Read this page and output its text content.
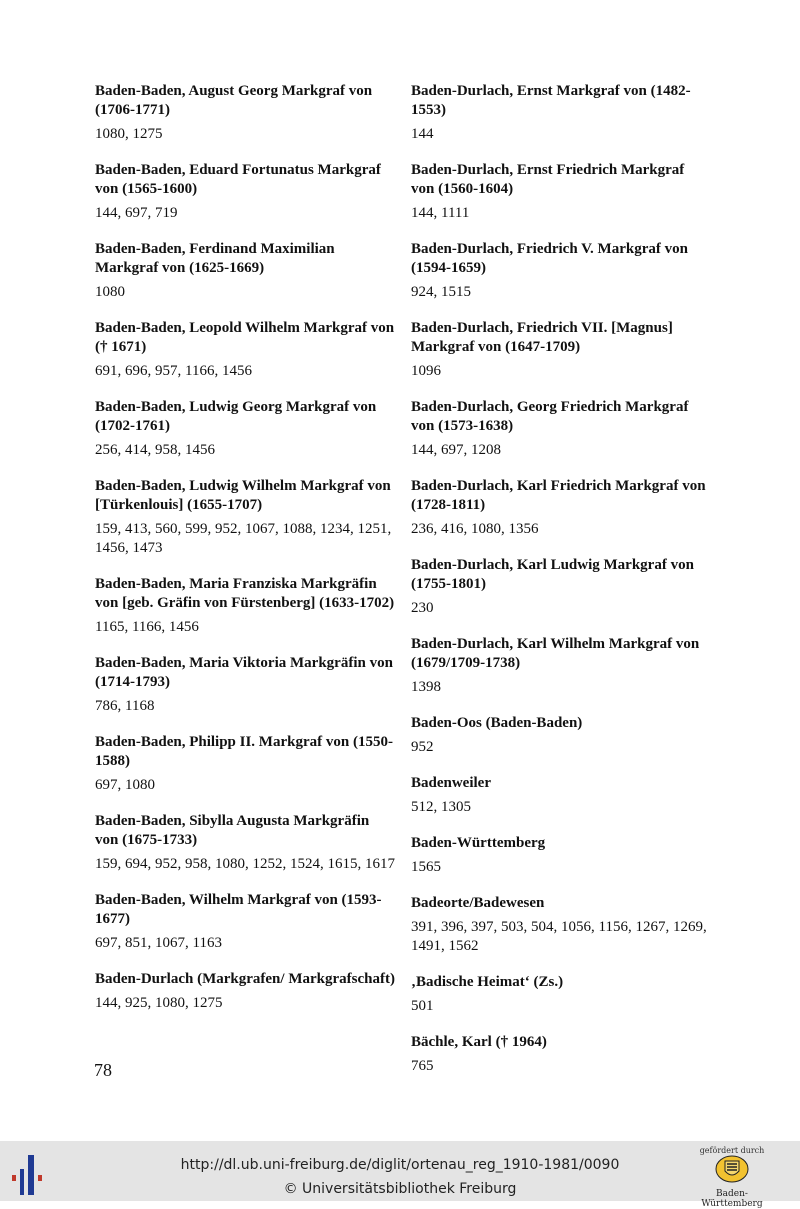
Baden-Baden, August Georg Markgraf von (1706-1771)

1080, 1275

Baden-Baden, Eduard Fortunatus Markgraf von (1565-1600)

144, 697, 719

Baden-Baden, Ferdinand Maximilian Markgraf von (1625-1669)

1080

Baden-Baden, Leopold Wilhelm Markgraf von († 1671)

691, 696, 957, 1166, 1456

Baden-Baden, Ludwig Georg Markgraf von (1702-1761)

256, 414, 958, 1456

Baden-Baden, Ludwig Wilhelm Markgraf von [Türkenlouis] (1655-1707)

159, 413, 560, 599, 952, 1067, 1088, 1234, 1251, 1456, 1473

Baden-Baden, Maria Franziska Markgräfin von [geb. Gräfin von Fürstenberg] (1633-1702)

1165, 1166, 1456

Baden-Baden, Maria Viktoria Markgräfin von (1714-1793)

786, 1168

Baden-Baden, Philipp II. Markgraf von (1550-1588)

697, 1080

Baden-Baden, Sibylla Augusta Markgräfin von (1675-1733)

159, 694, 952, 958, 1080, 1252, 1524, 1615, 1617

Baden-Baden, Wilhelm Markgraf von (1593-1677)

697, 851, 1067, 1163

Baden-Durlach (Markgrafen/ Markgrafschaft)

144, 925, 1080, 1275

Baden-Durlach, Ernst Markgraf von (1482-1553)

144

Baden-Durlach, Ernst Friedrich Markgraf von (1560-1604)

144, 1111

Baden-Durlach, Friedrich V. Markgraf von (1594-1659)

924, 1515

Baden-Durlach, Friedrich VII. [Magnus] Markgraf von (1647-1709)

1096

Baden-Durlach, Georg Friedrich Markgraf von (1573-1638)

144, 697, 1208

Baden-Durlach, Karl Friedrich Markgraf von (1728-1811)

236, 416, 1080, 1356

Baden-Durlach, Karl Ludwig Markgraf von (1755-1801)

230

Baden-Durlach, Karl Wilhelm Markgraf von (1679/1709-1738)

1398

Baden-Oos (Baden-Baden)

952

Badenweiler

512, 1305

Baden-Württemberg

1565

Badeorte/Badewesen

391, 396, 397, 503, 504, 1056, 1156, 1267, 1269, 1491, 1562

‚Badische Heimat‘ (Zs.)

501

Bächle, Karl († 1964)

765

78
http://dl.ub.uni-freiburg.de/diglit/ortenau_reg_1910-1981/0090
© Universitätsbibliothek Freiburg
gefördert durch
Baden-Württemberg
